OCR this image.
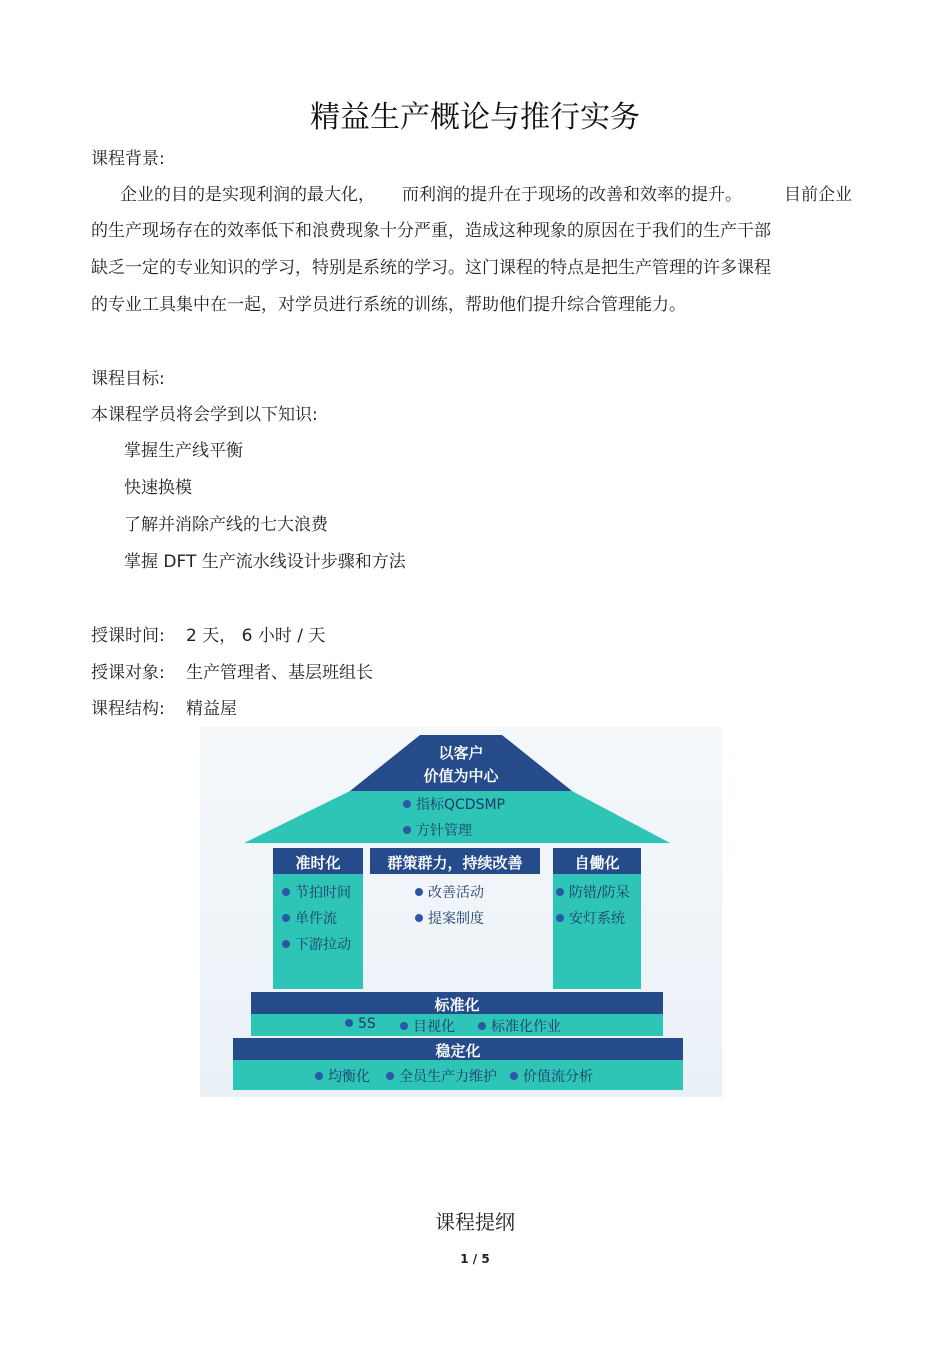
精益生产概论与推行实务
课程背景:
企业的目的是实现利润的最大化， 而利润的提升在于现场的改善和效率的提升。 目前企业
的生产现场存在的效率低下和浪费现象十分严重，造成这种现象的原因在于我们的生产干部
缺乏一定的专业知识的学习，特别是系统的学习。这门课程的特点是把生产管理的许多课程
的专业工具集中在一起，对学员进行系统的训练，帮助他们提升综合管理能力。
课程目标:
本课程学员将会学到以下知识:
掌握生产线平衡
快速换模
了解并消除产线的七大浪费
掌握 DFT 生产流水线设计步骤和方法
授课时间: 2 天， 6 小时 / 天
授课对象: 生产管理者、基层班组长
课程结构: 精益屋
以客户
价值为中心
指标QCDSMP
方针管理
准时化
节拍时间
单件流
下游拉动
群策群力，持续改善
改善活动
提案制度
自働化
防错/防呆
安灯系统
标准化
5S	目视化	标准化作业
稳定化
均衡化	全员生产力维护	价值流分析
课程提纲
1 / 5
